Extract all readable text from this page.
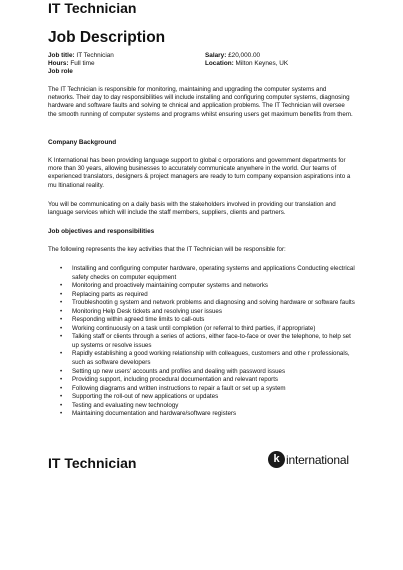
IT Technician
Job Description
Job title: IT Technician
Hours: Full time
Job role
Salary: £20,000.00
Location: Milton Keynes, UK

The IT Technician is responsible for monitoring, maintaining and upgrading the computer systems and networks. Their day to day responsibilities will include installing and configuring computer systems, diagnosing hardware and software faults and solving te chnical and application problems. The IT Technician will oversee the smooth running of computer systems and programs whilst ensuring users get maximum benefits from them.

Company Background

K International has been providing language support to global c orporations and government departments for more than 30 years, allowing businesses to accurately communicate anywhere in the world. Our teams of experienced translators, designers & project managers are ready to turn company expansion aspirations into a mu ltinational reality.

You will be communicating on a daily basis with the stakeholders involved in providing our translation and language services which will include the staff members, suppliers, clients and partners.

Job objectives and responsibilities

The following represents the key activities that the IT Technician will be responsible for:

• Installing and configuring computer hardware, operating systems and applications Conducting electrical safety checks on computer equipment
• Monitoring and proactively maintaining computer systems and networks
• Replacing parts as required
• Troubleshootin g system and network problems and diagnosing and solving hardware or software faults
• Monitoring Help Desk tickets and resolving user issues
• Responding within agreed time limits to call-outs
• Working continuously on a task until completion (or referral to third parties, if appropriate)
• Talking staff or clients through a series of actions, either face-to-face or over the telephone, to help set up systems or resolve issues
• Rapidly establishing a good working relationship with colleagues, customers and othe r professionals, such as software developers
• Setting up new users' accounts and profiles and dealing with password issues
• Providing support, including procedural documentation and relevant reports
• Following diagrams and written instructions to repair a fault or set up a system
• Supporting the roll-out of new applications or updates
• Testing and evaluating new technology
• Maintaining documentation and hardware/software registers
IT Technician	k international
